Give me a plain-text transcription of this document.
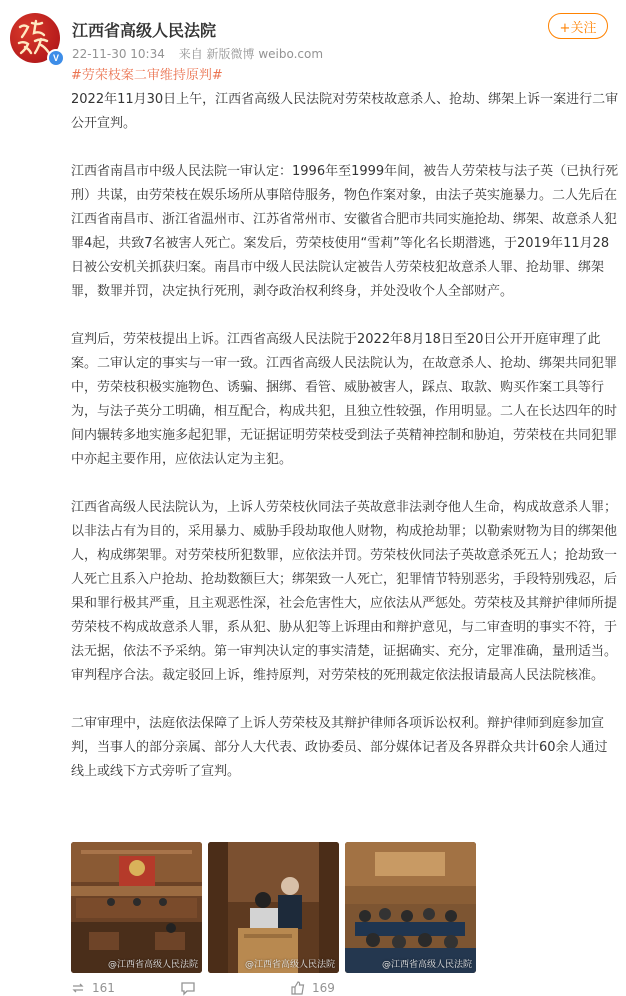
V
江西省高级人民法院
22-11-30 10:34 来自 新版微博 weibo.com
+关注

#劳荣枝案二审维持原判#

2022年11月30日上午，江西省高级人民法院对劳荣枝故意杀人、抢劫、绑架上诉一案进行二审公开宣判。

江西省南昌市中级人民法院一审认定：1996年至1999年间，被告人劳荣枝与法子英（已执行死刑）共谋，由劳荣枝在娱乐场所从事陪侍服务，物色作案对象，由法子英实施暴力。二人先后在江西省南昌市、浙江省温州市、江苏省常州市、安徽省合肥市共同实施抢劫、绑架、故意杀人犯罪4起，共致7名被害人死亡。案发后，劳荣枝使用“雪莉”等化名长期潜逃，于2019年11月28日被公安机关抓获归案。南昌市中级人民法院认定被告人劳荣枝犯故意杀人罪、抢劫罪、绑架罪，数罪并罚，决定执行死刑，剥夺政治权利终身，并处没收个人全部财产。

宣判后，劳荣枝提出上诉。江西省高级人民法院于2022年8月18日至20日公开开庭审理了此案。二审认定的事实与一审一致。江西省高级人民法院认为，在故意杀人、抢劫、绑架共同犯罪中，劳荣枝积极实施物色、诱骗、捆绑、看管、威胁被害人，踩点、取款、购买作案工具等行为，与法子英分工明确，相互配合，构成共犯，且独立性较强，作用明显。二人在长达四年的时间内辗转多地实施多起犯罪，无证据证明劳荣枝受到法子英精神控制和胁迫，劳荣枝在共同犯罪中亦起主要作用，应依法认定为主犯。

江西省高级人民法院认为，上诉人劳荣枝伙同法子英故意非法剥夺他人生命，构成故意杀人罪；以非法占有为目的，采用暴力、威胁手段劫取他人财物，构成抢劫罪；以勒索财物为目的绑架他人，构成绑架罪。对劳荣枝所犯数罪，应依法并罚。劳荣枝伙同法子英故意杀死五人；抢劫致一人死亡且系入户抢劫、抢劫数额巨大；绑架致一人死亡，犯罪情节特别恶劣，手段特别残忍，后果和罪行极其严重，且主观恶性深，社会危害性大，应依法从严惩处。劳荣枝及其辩护律师所提劳荣枝不构成故意杀人罪，系从犯、胁从犯等上诉理由和辩护意见，与二审查明的事实不符，于法无据，依法不予采纳。第一审判决认定的事实清楚，证据确实、充分，定罪准确，量刑适当。审判程序合法。裁定驳回上诉，维持原判，对劳荣枝的死刑裁定依法报请最高人民法院核准。

二审审理中，法庭依法保障了上诉人劳荣枝及其辩护律师各项诉讼权利。辩护律师到庭参加宣判，当事人的部分亲属、部分人大代表、政协委员、部分媒体记者及各界群众共计60余人通过线上或线下方式旁听了宣判。

@江西省高级人民法院	@江西省高级人民法院	@江西省高级人民法院
161	169
